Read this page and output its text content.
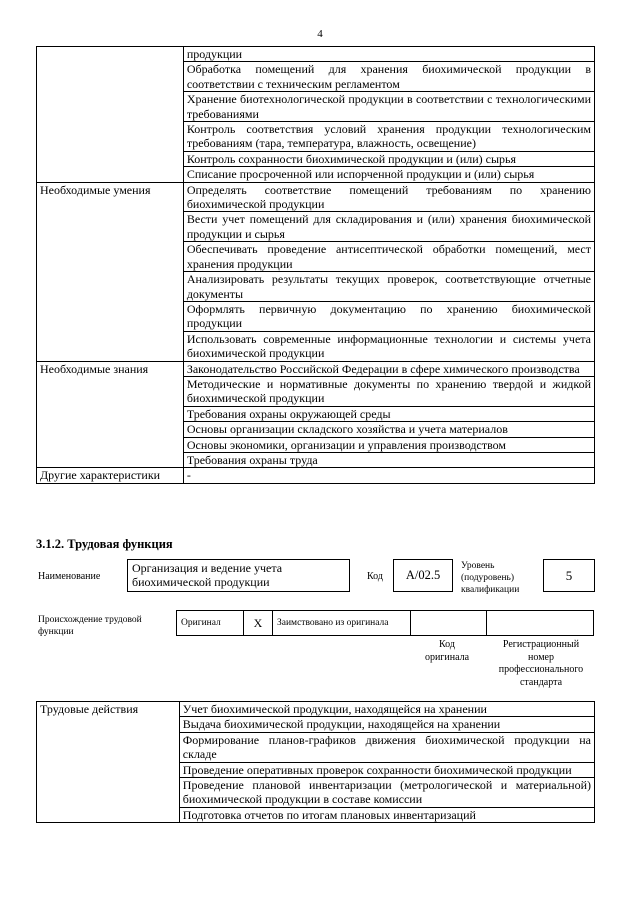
4
	продукции
	Обработка помещений для хранения биохимической продукции в соответствии с техническим регламентом
	Хранение биотехнологической продукции в соответствии с технологическими требованиями
	Контроль соответствия условий хранения продукции технологическим требованиям (тара, температура, влажность, освещение)
	Контроль сохранности биохимической продукции и (или) сырья
	Списание просроченной или испорченной продукции и (или) сырья
Необходимые умения	Определять соответствие помещений требованиям по хранению биохимической продукции
	Вести учет помещений для складирования и (или) хранения биохимической продукции и сырья
	Обеспечивать проведение антисептической обработки помещений, мест хранения продукции
	Анализировать результаты текущих проверок, соответствующие отчетные документы
	Оформлять первичную документацию по хранению биохимической продукции
	Использовать современные информационные технологии и системы учета биохимической продукции
Необходимые знания	Законодательство Российской Федерации в сфере химического производства
	Методические и нормативные документы по хранению твердой и жидкой биохимической продукции
	Требования охраны окружающей среды
	Основы организации складского хозяйства и учета материалов
	Основы экономики, организации и управления производством
	Требования охраны труда
Другие характеристики	-
3.1.2. Трудовая функция
Наименование
Организация и ведение учета биохимической продукции	Код	А/02.5
Уровень
(подуровень)
квалификации
5
Происхождение трудовой функции
Оригинал	X	Заимствовано из оригинала		
Код
оригинала
Регистрационный
номер
профессионального
стандарта
Трудовые действия	Учет биохимической продукции, находящейся на хранении
Выдача биохимической продукции, находящейся на хранении
Формирование планов-графиков движения биохимической продукции на складе
Проведение оперативных проверок сохранности биохимической продукции
Проведение плановой инвентаризации (метрологической и материальной) биохимической продукции в составе комиссии
Подготовка отчетов по итогам плановых инвентаризаций
